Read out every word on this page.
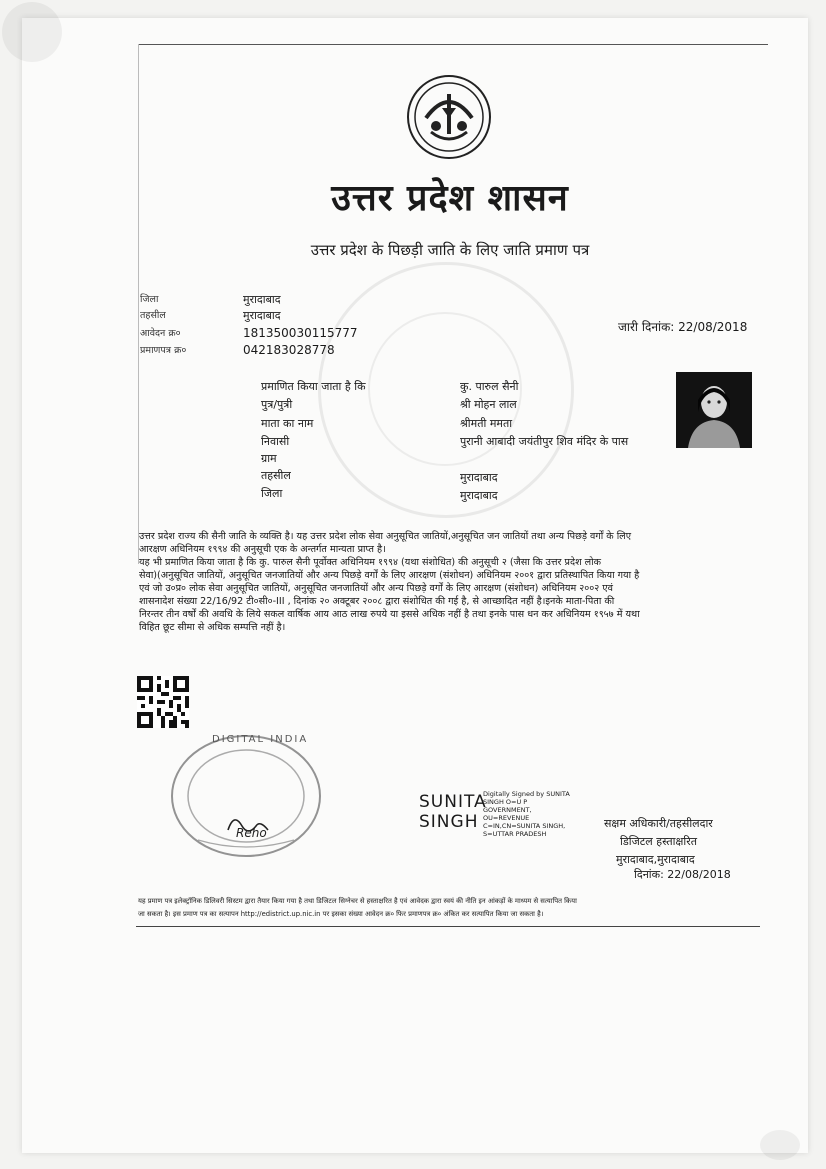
उत्तर प्रदेश शासन
उत्तर प्रदेश के पिछड़ी जाति के लिए जाति प्रमाण पत्र
जिला	मुरादाबाद
तहसील	मुरादाबाद
आवेदन क्र०	181350030115777
प्रमाणपत्र क्र०	042183028778
जारी दिनांक: 22/08/2018
प्रमाणित किया जाता है कि	कु. पारुल सैनी
पुत्र/पुत्री	श्री मोहन लाल
माता का नाम	श्रीमती ममता
निवासी	पुरानी आबादी जयंतीपुर शिव मंदिर के पास
ग्राम
तहसील	मुरादाबाद
जिला	मुरादाबाद
उत्तर प्रदेश राज्य की सैनी जाति के व्यक्ति है। यह उत्तर प्रदेश लोक सेवा अनुसूचित जातियों,अनुसूचित जन जातियों तथा अन्य पिछड़े वर्गों के लिए
आरक्षण अधिनियम १९९४ की अनुसूची एक के अन्तर्गत मान्यता प्राप्त है।
यह भी प्रमाणित किया जाता है कि कु. पारुल सैनी पूर्वोक्त अधिनियम १९९४ (यथा संशोधित) की अनुसूची २ (जैसा कि उत्तर प्रदेश लोक
सेवा)(अनुसूचित जातियों, अनुसूचित जनजातियों और अन्य पिछड़े वर्गों के लिए आरक्षण (संशोधन) अधिनियम २००१ द्वारा प्रतिस्थापित किया गया है
एवं जो उ०प्र० लोक सेवा अनुसूचित जातियों, अनुसूचित जनजातियों और अन्य पिछड़े वर्गों के लिए आरक्षण (संशोधन) अधिनियम २००२ एवं
शासनादेश संख्या 22/16/92 टी०सी०-III , दिनांक २० अक्टूबर २००८ द्वारा संशोधित की गई है, से आच्छादित नहीं है।इनके माता-पिता की
निरन्तर तीन वर्षों की अवधि के लिये सकल वार्षिक आय आठ लाख रुपये या इससे अधिक नहीं है तथा इनके पास धन कर अधिनियम १९५७ में यथा
विहित छूट सीमा से अधिक सम्पत्ति नहीं है।
DIGITAL INDIA
Reho
SUNITA
SINGH
Digitally Signed by SUNITA
SINGH O=U P
GOVERNMENT,
OU=REVENUE
C=IN,CN=SUNITA SINGH,
S=UTTAR PRADESH
सक्षम अधिकारी/तहसीलदार
डिजिटल हस्ताक्षरित
मुरादाबाद,मुरादाबाद
दिनांक: 22/08/2018
यह प्रमाण पत्र इलेक्ट्रॉनिक डिलिवरी सिस्टम द्वारा तैयार किया गया है तथा डिजिटल सिग्नेचर से हस्ताक्षरित है एवं आवेदक द्वारा स्वयं की नीति इन आंकड़ों के माध्यम से सत्यापित किया
जा सकता है। इस प्रमाण पत्र का सत्यापन http://edistrict.up.nic.in पर इसका संख्या आवेदन क्र० फिर प्रमाणपत्र क्र० अंकित कर सत्यापित किया जा सकता है।
